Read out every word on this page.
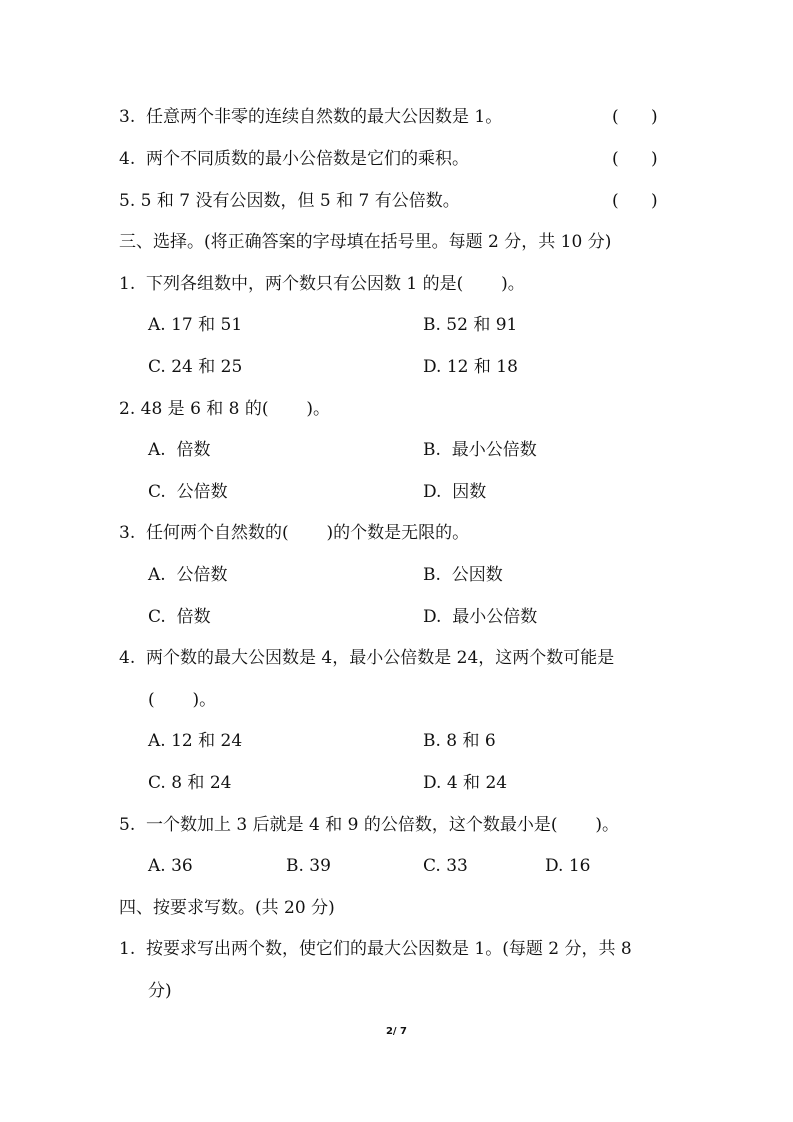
3.  任意两个非零的连续自然数的最大公因数是 1。

	(      )

4.  两个不同质数的最小公倍数是它们的乘积。

	(      )

5. 5 和 7 没有公因数，但 5 和 7 有公倍数。

	(      )

三、选择。(将正确答案的字母填在括号里。每题 2 分，共 10 分)

1.  下列各组数中，两个数只有公因数 1 的是(       )。

A. 17 和 51

	B. 52 和 91

C. 24 和 25

	D. 12 和 18

2. 48 是 6 和 8 的(       )。

A.  倍数

	B.  最小公倍数

C.  公倍数

	D.  因数

3.  任何两个自然数的(       )的个数是无限的。

A.  公倍数

	B.  公因数

C.  倍数

	D.  最小公倍数

4.  两个数的最大公因数是 4，最小公倍数是 24，这两个数可能是

(       )。

A. 12 和 24

	B. 8 和 6

C. 8 和 24

	D. 4 和 24

5.  一个数加上 3 后就是 4 和 9 的公倍数，这个数最小是(       )。

A. 36

	B. 39

	C. 33

	D. 16

四、按要求写数。(共 20 分)

1.  按要求写出两个数，使它们的最大公因数是 1。(每题 2 分，共 8

分)

2/ 7
